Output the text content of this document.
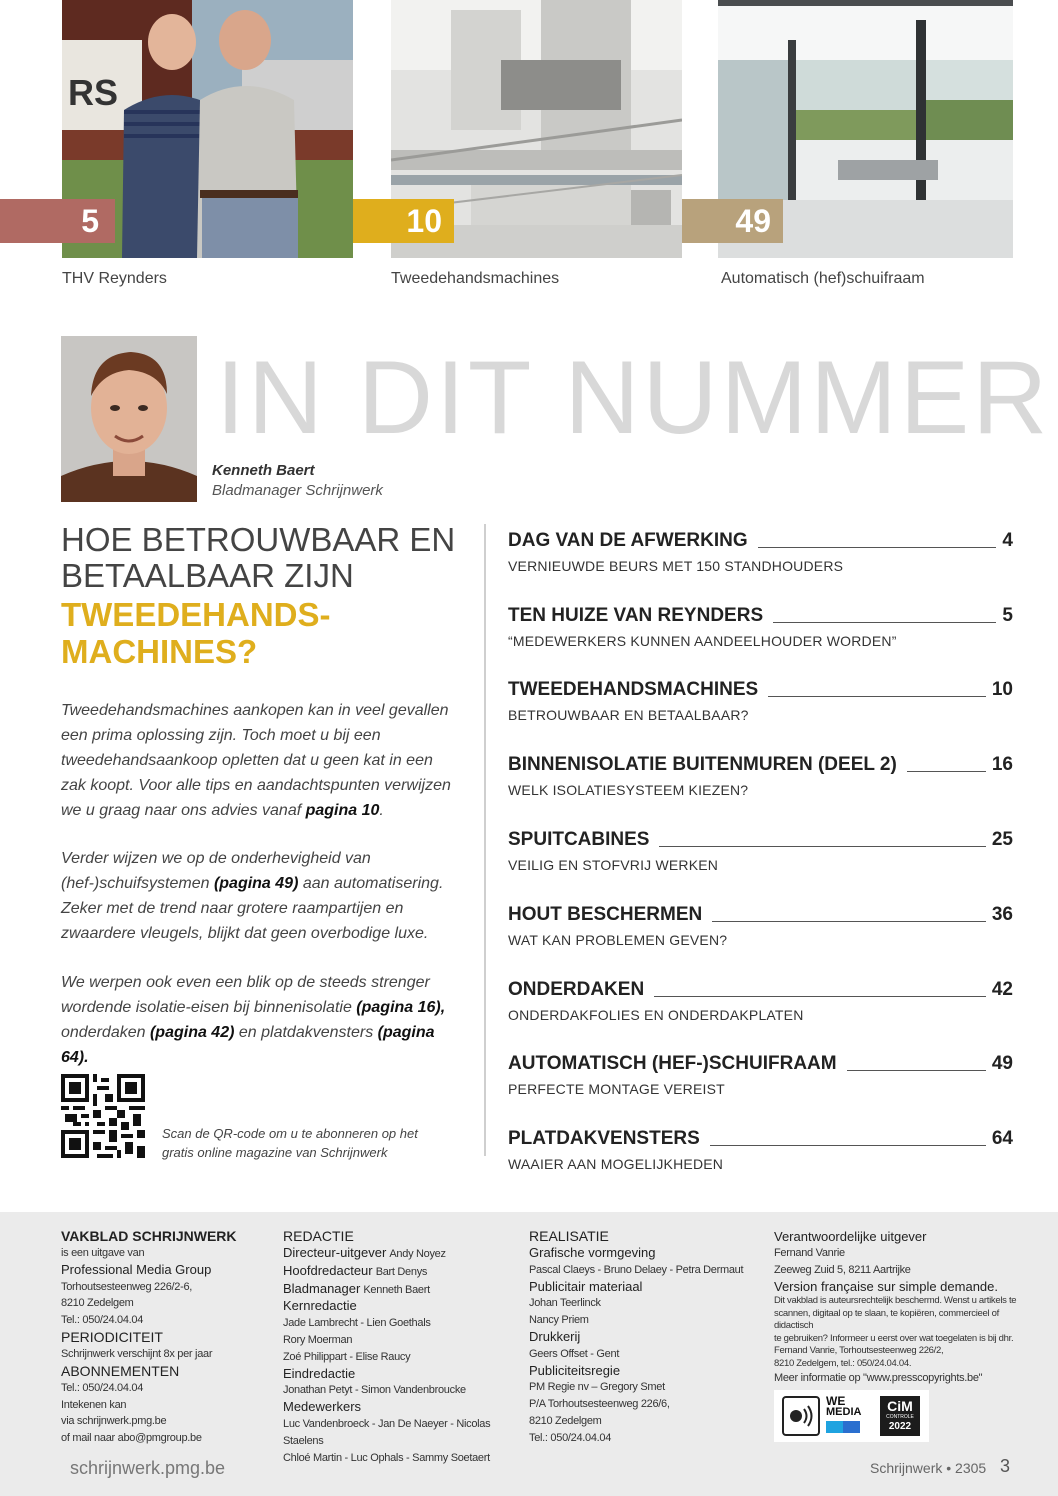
RS
5	10	49
THV Reynders	Tweedehandsmachines	Automatisch (hef)schuifraam
IN DIT NUMMER
Kenneth Baert
Bladmanager Schrijnwerk
HOE BETROUWBAAR EN
BETAALBAAR ZIJN
TWEEDEHANDS-
MACHINES?

Tweedehandsmachines aankopen kan in veel gevallen een prima oplossing zijn. Toch moet u bij een tweedehandsaankoop opletten dat u geen kat in een zak koopt. Voor alle tips en aandachtspunten verwijzen we u graag naar ons advies vanaf pagina 10.

Verder wijzen we op de onderhevigheid van (hef-)schuifsystemen (pagina 49) aan automatisering. Zeker met de trend naar grotere raampartijen en zwaardere vleugels, blijkt dat geen overbodige luxe.

We werpen ook even een blik op de steeds strenger wordende isolatie-eisen bij binnenisolatie (pagina 16), onderdaken (pagina 42) en platdakvensters (pagina 64).

Scan de QR-code om u te abonneren op het gratis online magazine van Schrijnwerk
DAG VAN DE AFWERKING	4
VERNIEUWDE BEURS MET 150 STANDHOUDERS
TEN HUIZE VAN REYNDERS	5
“MEDEWERKERS KUNNEN AANDEELHOUDER WORDEN”
TWEEDEHANDSMACHINES	10
BETROUWBAAR EN BETAALBAAR?
BINNENISOLATIE BUITENMUREN (DEEL 2)	16
WELK ISOLATIESYSTEEM KIEZEN?
SPUITCABINES	25
VEILIG EN STOFVRIJ WERKEN
HOUT BESCHERMEN	36
WAT KAN PROBLEMEN GEVEN?
ONDERDAKEN	42
ONDERDAKFOLIES EN ONDERDAKPLATEN
AUTOMATISCH (HEF-)SCHUIFRAAM	49
PERFECTE MONTAGE VEREIST
PLATDAKVENSTERS	64
WAAIER AAN MOGELIJKHEDEN
VAKBLAD SCHRIJNWERK
is een uitgave van
Professional Media Group
Torhoutsesteenweg 226/2-6,
8210 Zedelgem
Tel.: 050/24.04.04
PERIODICITEIT
Schrijnwerk verschijnt 8x per jaar
ABONNEMENTEN
Tel.: 050/24.04.04
Intekenen kan
via schrijnwerk.pmg.be
of mail naar abo@pmgroup.be
REDACTIE
Directeur-uitgever Andy Noyez
Hoofdredacteur Bart Denys
Bladmanager Kenneth Baert
Kernredactie
Jade Lambrecht - Lien Goethals
Rory Moerman
Zoé Philippart - Elise Raucy
Eindredactie
Jonathan Petyt - Simon Vandenbroucke
Medewerkers
Luc Vandenbroeck - Jan De Naeyer - Nicolas Staelens
Chloé Martin - Luc Ophals - Sammy Soetaert
REALISATIE
Grafische vormgeving
Pascal Claeys - Bruno Delaey - Petra Dermaut
Publicitair materiaal
Johan Teerlinck
Nancy Priem
Drukkerij
Geers Offset - Gent
Publiciteitsregie
PM Regie nv – Gregory Smet
P/A Torhoutsesteenweg 226/6,
8210 Zedelgem
Tel.: 050/24.04.04
Verantwoordelijke uitgever
Fernand Vanrie
Zeeweg Zuid 5, 8211 Aartrijke
Version française sur simple demande.
Dit vakblad is auteursrechtelijk beschermd. Wenst u artikels te
scannen, digitaal op te slaan, te kopiëren, commercieel of didactisch
te gebruiken? Informeer u eerst over wat toegelaten is bij dhr.
Fernand Vanrie, Torhoutsesteenweg 226/2,
8210 Zedelgem, tel.: 050/24.04.04.
Meer informatie op "www.presscopyrights.be"
WE
MEDIA	CiM
CONTROLE
2022
schrijnwerk.pmg.be	Schrijnwerk • 2305 3
